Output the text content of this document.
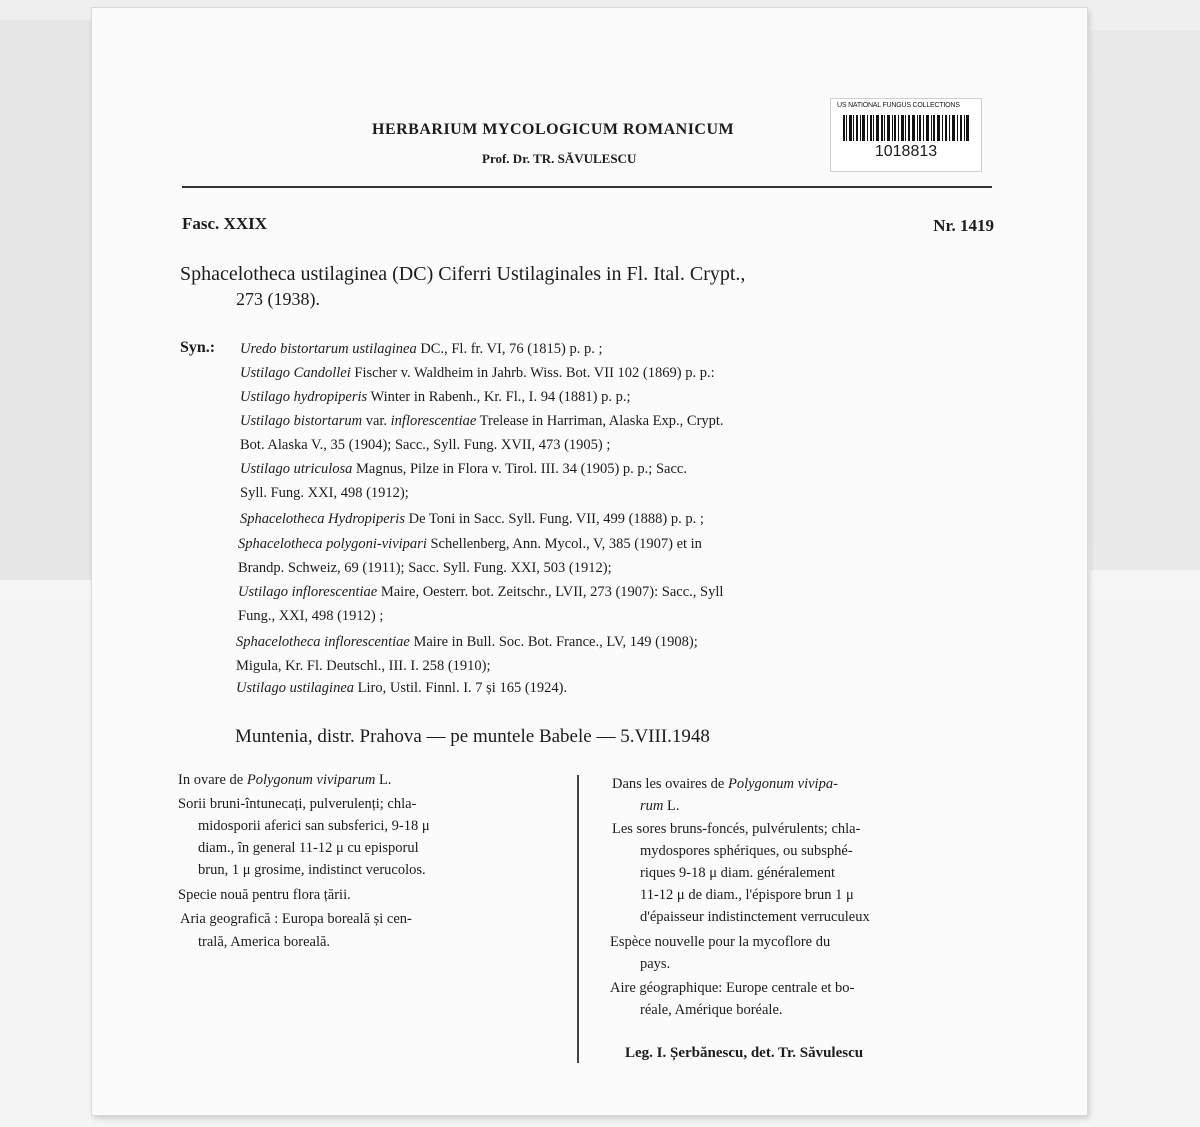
HERBARIUM MYCOLOGICUM ROMANICUM
Prof. Dr. TR. SĂVULESCU
US NATIONAL FUNGUS COLLECTIONS
1018813
Fasc. XXIX	Nr. 1419
Sphacelotheca ustilaginea (DC) Ciferri Ustilaginales in Fl. Ital. Crypt.,
273 (1938).
Syn.: Uredo bistortarum ustilaginea DC., Fl. fr. VI, 76 (1815) p. p. ;
Ustilago Candollei Fischer v. Waldheim in Jahrb. Wiss. Bot. VII 102 (1869) p. p.:
Ustilago hydropiperis Winter in Rabenh., Kr. Fl., I. 94 (1881) p. p.;
Ustilago bistortarum var. inflorescentiae Trelease in Harriman, Alaska Exp., Crypt.
Bot. Alaska V., 35 (1904); Sacc., Syll. Fung. XVII, 473 (1905) ;
Ustilago utriculosa Magnus, Pilze in Flora v. Tirol. III. 34 (1905) p. p.; Sacc.
Syll. Fung. XXI, 498 (1912);
Sphacelotheca Hydropiperis De Toni in Sacc. Syll. Fung. VII, 499 (1888) p. p. ;
Sphacelotheca polygoni-vivipari Schellenberg, Ann. Mycol., V, 385 (1907) et in
Brandp. Schweiz, 69 (1911); Sacc. Syll. Fung. XXI, 503 (1912);
Ustilago inflorescentiae Maire, Oesterr. bot. Zeitschr., LVII, 273 (1907): Sacc., Syll
Fung., XXI, 498 (1912) ;
Sphacelotheca inflorescentiae Maire in Bull. Soc. Bot. France., LV, 149 (1908);
Migula, Kr. Fl. Deutschl., III. I. 258 (1910);
Ustilago ustilaginea Liro, Ustil. Finnl. I. 7 și 165 (1924).
Muntenia, distr. Prahova — pe muntele Babele — 5.VIII.1948
In ovare de Polygonum viviparum L.
Sorii bruni-întunecați, pulverulenți; chla-
midosporii aferici san subsferici, 9-18 μ
diam., în general 11-12 μ cu episporul
brun, 1 μ grosime, indistinct verucolos.
Specie nouă pentru flora țării.
Aria geografică : Europa boreală și cen-
trală, America boreală.
Dans les ovaires de Polygonum vivipa-
rum L.
Les sores bruns-foncés, pulvérulents; chla-
mydospores sphériques, ou subsphé-
riques 9-18 μ diam. généralement
11-12 μ de diam., l'épispore brun 1 μ
d'épaisseur indistinctement verruculeux
Espèce nouvelle pour la mycoflore du
pays.
Aire géographique: Europe centrale et bo-
réale, Amérique boréale.
Leg. I. Șerbănescu, det. Tr. Săvulescu
